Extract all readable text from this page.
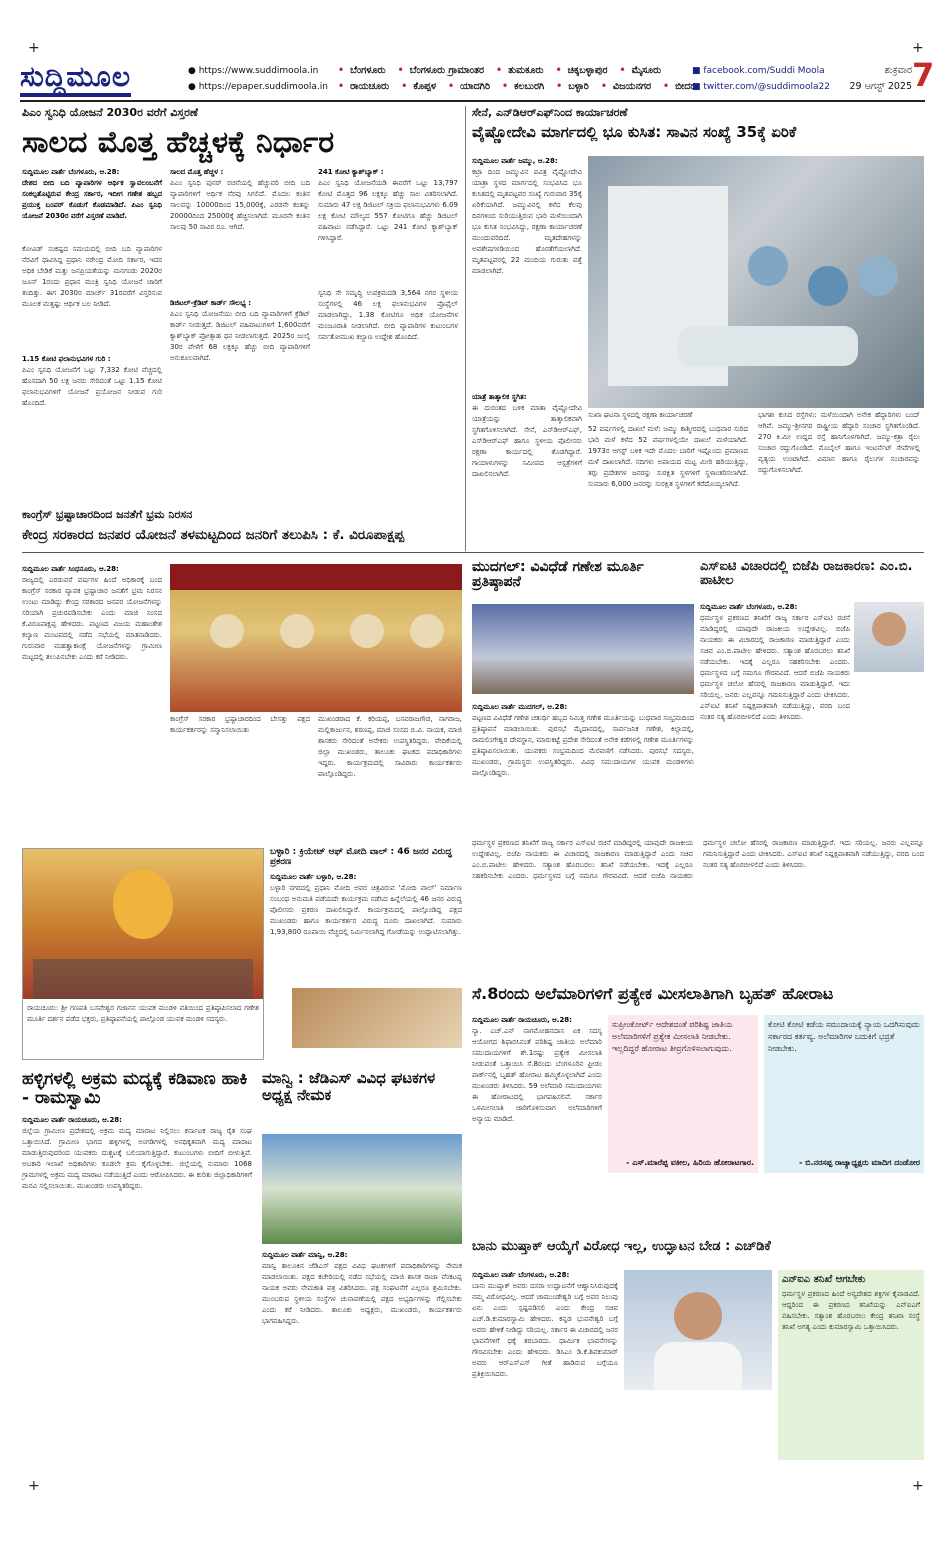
+	+
+	+
ಸುದ್ದಿಮೂಲ	● https://www.suddimoola.in
● https://epaper.suddimoola.in
• ಬೆಂಗಳೂರು • ಬೆಂಗಳೂರು ಗ್ರಾಮಾಂತರ • ತುಮಕೂರು • ಚಿಕ್ಕಬಳ್ಳಾಪುರ • ಮೈಸೂರು
• ರಾಯಚೂರು • ಕೊಪ್ಪಳ • ಯಾದಗಿರಿ • ಕಲಬುರಗಿ • ಬಳ್ಳಾರಿ • ವಿಜಯನಗರ • ಬೀದರ
■ facebook.com/Suddi Moola
■ twitter.com/@suddimoola22
ಶುಕ್ರವಾರ
29 ಆಗಸ್ಟ್ 2025 7
ಪಿಎಂ ಸ್ವನಿಧಿ ಯೋಜನೆ 2030ರ ವರೆಗೆ ವಿಸ್ತರಣೆ
ಸಾಲದ ಮೊತ್ತ ಹೆಚ್ಚಳಕ್ಕೆ ನಿರ್ಧಾರ
ಸುದ್ದಿಮೂಲ ವಾರ್ತೆ ಬೆಂಗಳೂರು, ಆ.28:
ದೇಶದ ಬೀದಿ ಬದಿ ವ್ಯಾಪಾರಿಗಳ ಆರ್ಥಿಕ ಸ್ವಾವಲಂಬನೆಗೆ ಸಂಕಲ್ಪತೊಟ್ಟಿರುವ ಕೇಂದ್ರ ಸರ್ಕಾರ, ಇದೀಗ ಗಣೇಶ ಹಬ್ಬದ ಪ್ರಯುಕ್ತ ಬಂಪರ್ ಕೊಡುಗೆ ಕೊಡಮಾಡಿದೆ. ಪಿಎಂ ಸ್ವನಿಧಿ ಯೋಜನೆ 2030ರ ವರೆಗೆ ವಿಸ್ತರಣೆ ಮಾಡಿದೆ.
ಕೋವಿಡ್ ಸಂಕಷ್ಟದ ಸಮಯದಲ್ಲಿ ಬೀದಿ ಬದಿ ವ್ಯಾಪಾರಿಗಳ ನೆರವಿಗೆ ಧಾವಿಸಿದ್ದ ಪ್ರಧಾನಿ ನರೇಂದ್ರ ಮೋದಿ ಸರ್ಕಾರ, ಇದರ ಅಧಿಕ ಬೇಡಿಕೆ ಮತ್ತು ಜನಪ್ರಿಯತೆಯನ್ನು ಮನಗಂಡು 2020ರ ಜೂನ್ 1ರಂದು ಪ್ರಧಾನ ಮಂತ್ರಿ ಸ್ವನಿಧಿ ಯೋಜನೆ ಜಾರಿಗೆ ತಂದಿತ್ತು. ಈಗ 2030ರ ಮಾರ್ಚ್ 31ರವರೆಗೆ ವಿಸ್ತರಿಸುವ ಮೂಲಕ ಮತ್ತಷ್ಟು ಆರ್ಥಿಕ ಬಲ ನೀಡಿದೆ.
1.15 ಕೋಟಿ ಫಲಾನುಭವಿಗಳ ಗುರಿ :
ಪಿಎಂ ಸ್ವನಿಧಿ ಯೋಜನೆಗೆ ಒಟ್ಟು 7,332 ಕೋಟಿ ವೆಚ್ಚದಲ್ಲಿ ಹೊಸದಾಗಿ 50 ಲಕ್ಷ ಜನರು ಸೇರಿದಂತೆ ಒಟ್ಟು 1.15 ಕೋಟಿ ಫಲಾನುಭವಿಗಳಿಗೆ ಯೋಜನೆ ಪ್ರಯೋಜನ ನೀಡುವ ಗುರಿ ಹೊಂದಿದೆ.
ಸಾಲದ ಮೊತ್ತ ಹೆಚ್ಚಳ :
ಪಿಎಂ ಸ್ವನಿಧಿ ಪುನರ್ ರಚನೆಯಲ್ಲಿ ಹೆಚ್ಚುವರಿ ಬೀದಿ ಬದಿ ವ್ಯಾಪಾರಿಗಳಿಗೆ ಆರ್ಥಿಕ ನೆರವು ಸಿಗಲಿದೆ. ಮೊದಲ ಕಂತಿನ ಸಾಲವನ್ನು 10000ದಿಂದ 15,000ಕ್ಕೆ, ಎರಡನೇ ಕಂತನ್ನು 20000ದಿಂದ 25000ಕ್ಕೆ ಹೆಚ್ಚಿಸಲಾಗಿದೆ. ಮೂರನೇ ಕಂತಿನ ಸಾಲವು 50 ಸಾವಿರ ರೂ. ಆಗಿದೆ.
ಡಿಜಿಟಲ್-ಕ್ರೆಡಿಟ್ ಕಾರ್ಡ್ ಸೌಲಭ್ಯ :
ಪಿಎಂ ಸ್ವನಿಧಿ ಯೋಜನೆಯು ಬೀದಿ ಬದಿ ವ್ಯಾಪಾರಿಗಳಿಗೆ ಕ್ರೆಡಿಟ್ ಕಾರ್ಡ್ ನೀಡುತ್ತದೆ. ಡಿಜಿಟಲ್ ವಹಿವಾಟುಗಳಿಗೆ 1,600ವರೆಗೆ ಕ್ಯಾಶ್‌ಬ್ಯಾಕ್ ಪ್ರೋತ್ಸಾಹ ಧನ ನೀಡಲಾಗುತ್ತದೆ. 2025ರ ಜುಲೈ 30ರ ವೇಳೆಗೆ 68 ಲಕ್ಷಕ್ಕೂ ಹೆಚ್ಚು ಬೀದಿ ವ್ಯಾಪಾರಿಗಳಿಗೆ ಅನುಕೂಲವಾಗಿದೆ.
241 ಕೋಟಿ ಕ್ಯಾಶ್‌ಬ್ಯಾಕ್ :
ಪಿಎಂ ಸ್ವನಿಧಿ ಯೋಜನೆಯಡಿ ಈವರೆಗೆ ಒಟ್ಟು 13,797 ಕೋಟಿ ಮೊತ್ತದ 96 ಲಕ್ಷಕ್ಕೂ ಹೆಚ್ಚು ಸಾಲ ವಿತರಿಸಲಾಗಿದೆ. ಸುಮಾರು 47 ಲಕ್ಷ ಡಿಜಿಟಲ್ ಸಕ್ರಿಯ ಫಲಾನುಭವಿಗಳು 6.09 ಲಕ್ಷ ಕೋಟಿ ಮೌಲ್ಯದ 557 ಕೋಟಿಗೂ ಹೆಚ್ಚು ಡಿಜಿಟಲ್ ವಹಿವಾಟು ನಡೆಸಿದ್ದಾರೆ. ಒಟ್ಟು 241 ಕೋಟಿ ಕ್ಯಾಶ್‌ಬ್ಯಾಕ್ ಗಳಿಸಿದ್ದಾರೆ.
ಸ್ವನಿಧಿ ಸೇ ಸಮೃದ್ಧಿ ಉಪಕ್ರಮದಡಿ 3,564 ನಗರ ಸ್ಥಳೀಯ ಸಂಸ್ಥೆಗಳಲ್ಲಿ 46 ಲಕ್ಷ ಫಲಾನುಭವಿಗಳ ಪ್ರೊಫೈಲ್ ಮಾಡಲಾಗಿದ್ದು, 1.38 ಕೋಟಿಗೂ ಅಧಿಕ ಯೋಜನೆಗಳ ಮಂಜೂರಾತಿ ನೀಡಲಾಗಿದೆ. ಬೀದಿ ವ್ಯಾಪಾರಿಗಳ ಕುಟುಂಬಗಳ ಸರ್ವತೋಮುಖ ಕಲ್ಯಾಣ ಉದ್ದೇಶ ಹೊಂದಿದೆ.
ಸೇನೆ, ಎನ್‌ಡಿಆರ್‌ಎಫ್‌ನಿಂದ ಕಾರ್ಯಾಚರಣೆ
ವೈಷ್ಣೋದೇವಿ ಮಾರ್ಗದಲ್ಲಿ ಭೂ ಕುಸಿತ: ಸಾವಿನ ಸಂಖ್ಯೆ 35ಕ್ಕೆ ಏರಿಕೆ
ಸುದ್ದಿಮೂಲ ವಾರ್ತೆ ಜಮ್ಮು, ಆ.28:
ಕಟ್ರಾ ದಿಂದ ಜಮ್ಮುವಿನ ಪವಿತ್ರ ವೈಷ್ಣೋದೇವಿ ಯಾತ್ರಾ ಸ್ಥಳದ ಮಾರ್ಗದಲ್ಲಿ ಸಂಭವಿಸಿದ ಭೂ ಕುಸಿತದಲ್ಲಿ ಮೃತಪಟ್ಟವರ ಸಂಖ್ಯೆ ಗುರುವಾರ 35ಕ್ಕೆ ಏರಿಕೆಯಾಗಿದೆ. ಜಮ್ಮುವಿನಲ್ಲಿ ಕಳೆದ ಕೆಲವು ದಿನಗಳಿಂದ ಸುರಿಯುತ್ತಿರುವ ಭಾರಿ ಮಳೆಯಿಂದಾಗಿ ಭೂ ಕುಸಿತ ಸಂಭವಿಸಿದ್ದು, ರಕ್ಷಣಾ ಕಾರ್ಯಾಚರಣೆ ಮುಂದುವರಿದಿದೆ. ಮೃತದೇಹಗಳನ್ನು ಅವಶೇಷಗಳಡಿಯಿಂದ ಹೊರತೆಗೆಯಲಾಗಿದೆ. ಮೃತಪಟ್ಟವರಲ್ಲಿ 22 ಮಂದಿಯ ಗುರುತು ಪತ್ತೆ ಮಾಡಲಾಗಿದೆ.
ಯಾತ್ರೆ ತಾತ್ಕಾಲಿಕ ಸ್ಥಗಿತ:
ಈ ದುರಂತದ ಬಳಿಕ ಮಾತಾ ವೈಷ್ಣೋದೇವಿ ಯಾತ್ರೆಯನ್ನು ತಾತ್ಕಾಲಿಕವಾಗಿ ಸ್ಥಗಿತಗೊಳಿಸಲಾಗಿದೆ. ಸೇನೆ, ಎನ್‌ಡಿಆರ್‌ಎಫ್, ಎಸ್‌ಡಿಆರ್‌ಎಫ್ ಹಾಗೂ ಸ್ಥಳೀಯ ಪೊಲೀಸರು ರಕ್ಷಣಾ ಕಾರ್ಯದಲ್ಲಿ ತೊಡಗಿದ್ದಾರೆ. ಗಾಯಾಳುಗಳನ್ನು ಸಮೀಪದ ಆಸ್ಪತ್ರೆಗಳಿಗೆ ದಾಖಲಿಸಲಾಗಿದೆ.
ಸುಖಾ ಘಟನಾ ಸ್ಥಳದಲ್ಲಿ ರಕ್ಷಣಾ ಕಾರ್ಯಾಚರಣೆ
52 ವರ್ಷಗಳಲ್ಲಿ ದಾಖಲೆ ಮಳೆ: ಜಮ್ಮು ಕಾಶ್ಮೀರದಲ್ಲಿ ಬುಧವಾರ ಸುರಿದ ಭಾರಿ ಮಳೆ ಕಳೆದ 52 ವರ್ಷಗಳಲ್ಲಿಯೇ ದಾಖಲೆ ಮಳೆಯಾಗಿದೆ. 1973ರ ಆಗಸ್ಟ್ ಬಳಿಕ ಇದೇ ಮೊದಲ ಬಾರಿಗೆ ಇಷ್ಟೊಂದು ಪ್ರಮಾಣದ ಮಳೆ ದಾಖಲಾಗಿದೆ. ನದಿಗಳು ಅಪಾಯದ ಮಟ್ಟ ಮೀರಿ ಹರಿಯುತ್ತಿದ್ದು, ತಗ್ಗು ಪ್ರದೇಶಗಳ ಜನರನ್ನು ಸುರಕ್ಷಿತ ಸ್ಥಳಗಳಿಗೆ ಸ್ಥಳಾಂತರಿಸಲಾಗಿದೆ. ಸುಮಾರು 6,000 ಜನರನ್ನು ಸುರಕ್ಷಿತ ಸ್ಥಳಗಳಿಗೆ ಕರೆದೊಯ್ಯಲಾಗಿದೆ.
ಭಾಗಶಃ ಕುಸಿದ ರಸ್ತೆಗಳು: ಮಳೆಯಿಂದಾಗಿ ಅನೇಕ ಹೆದ್ದಾರಿಗಳು ಬಂದ್ ಆಗಿವೆ. ಜಮ್ಮು-ಶ್ರೀನಗರ ರಾಷ್ಟ್ರೀಯ ಹೆದ್ದಾರಿ ಸಂಚಾರ ಸ್ಥಗಿತಗೊಂಡಿದೆ. 270 ಕಿ.ಮೀ ಉದ್ದದ ರಸ್ತೆ ಹಾನಿಗೊಳಗಾಗಿದೆ. ಜಮ್ಮು-ಕತ್ರಾ ರೈಲು ಸಂಚಾರ ರದ್ದುಗೊಂಡಿದೆ. ಮೊಬೈಲ್ ಹಾಗೂ ಇಂಟರ್ನೆಟ್ ಸೇವೆಗಳಲ್ಲಿ ವ್ಯತ್ಯಯ ಉಂಟಾಗಿದೆ. ವಿಮಾನ ಹಾಗೂ ರೈಲುಗಳ ಸಂಚಾರವನ್ನು ರದ್ದುಗೊಳಿಸಲಾಗಿದೆ.
ಕಾಂಗ್ರೆಸ್ ಭ್ರಷ್ಟಾಚಾರದಿಂದ ಜನತೆಗೆ ಭ್ರಮ ನಿರಸನ
ಕೇಂದ್ರ ಸರಕಾರದ ಜನಪರ ಯೋಜನೆ ತಳಮಟ್ಟದಿಂದ ಜನರಿಗೆ ತಲುಪಿಸಿ : ಕೆ. ವಿರೂಪಾಕ್ಷಪ್ಪ
ಸುದ್ದಿಮೂಲ ವಾರ್ತೆ ಸಿಂಧನೂರು, ಆ.28:
ರಾಜ್ಯದಲ್ಲಿ ಎರಡುವರೆ ವರ್ಷಗಳ ಹಿಂದೆ ಅಧಿಕಾರಕ್ಕೆ ಬಂದ ಕಾಂಗ್ರೆಸ್ ಸರಕಾರ ವ್ಯಾಪಕ ಭ್ರಷ್ಟಾಚಾರ ಜನತೆಗೆ ಭ್ರಮ ನಿರಸನ ಉಂಟು ಮಾಡಿದ್ದು ಕೇಂದ್ರ ಸರಕಾರದ ಜನಪರ ಯೋಜನೆಗಳನ್ನು ಸರಿಯಾಗಿ ಪ್ರಚುರಪಡಿಸಬೇಕು ಎಂದು ಮಾಜಿ ಸಂಸದ ಕೆ.ವಿರೂಪಾಕ್ಷಪ್ಪ ಹೇಳಿದರು. ಪಟ್ಟಣದ ವಿಜಯ ಮಹಾಂತೇಶ ಕಲ್ಯಾಣ ಮಂಟಪದಲ್ಲಿ ನಡೆದ ಸಭೆಯಲ್ಲಿ ಮಾತನಾಡಿದರು. ಗುರುವಾರ ಮಹತ್ವಾಕಾಂಕ್ಷೆ ಯೋಜನೆಗಳನ್ನು ಗ್ರಾಮೀಣ ಮಟ್ಟದಲ್ಲಿ ತಲುಪಿಸಬೇಕು ಎಂದು ಕರೆ ನೀಡಿದರು.
ಕಾಂಗ್ರೆಸ್ ಸರಕಾರ ಭ್ರಷ್ಟಾಚಾರದಿಂದ ಬೇಸತ್ತು ಪಕ್ಷದ ಕಾರ್ಯಕರ್ತರನ್ನು ಸನ್ಮಾನಿಸಲಾಯಿತು
ಮುಖಂಡರಾದ ಕೆ. ಕರಿಯಪ್ಪ, ಬಸವರಾಜಗೌಡ, ನಾಗರಾಜ, ಮಲ್ಲಿಕಾರ್ಜುನ, ಶರಣಪ್ಪ, ಮಾಜಿ ಸಂಸದ ಬಿ.ವಿ. ನಾಯಕ, ಮಾಜಿ ಶಾಸಕರು ಸೇರಿದಂತೆ ಅನೇಕರು ಉಪಸ್ಥಿತರಿದ್ದರು. ವೇದಿಕೆಯಲ್ಲಿ ಜಿಲ್ಲಾ ಮುಖಂಡರು, ತಾಲೂಕು ಘಟಕದ ಪದಾಧಿಕಾರಿಗಳು ಇದ್ದರು. ಕಾರ್ಯಕ್ರಮದಲ್ಲಿ ಸಾವಿರಾರು ಕಾರ್ಯಕರ್ತರು ಪಾಲ್ಗೊಂಡಿದ್ದರು.
ರಾಯಚೂರು: ಶ್ರೀ ಗಣಪತಿ ಬಸವೇಶ್ವರ ಗಜಾನನ ಯುವಕ ಮಂಡಳಿ ವತಿಯಿಂದ ಪ್ರತಿಷ್ಠಾಪಿಸಲಾದ ಗಣೇಶ ಮೂರ್ತಿ ದರ್ಶನ ಪಡೆದ ಭಕ್ತರು, ಪ್ರತಿಷ್ಠಾಪನೆಯಲ್ಲಿ ಪಾಲ್ಗೊಂಡ ಯುವಕ ಮಂಡಳಿ ಸದಸ್ಯರು.
ಬಳ್ಳಾರಿ : ಕ್ರಿಯೇಟ್ ಆಫ್ ಮೋದಿ ವಾಲ್ : 46 ಜನರ ವಿರುದ್ಧ ಪ್ರಕರಣ
ಸುದ್ದಿಮೂಲ ವಾರ್ತೆ ಬಳ್ಳಾರಿ, ಆ.28:
ಬಳ್ಳಾರಿ ನಗರದಲ್ಲಿ ಪ್ರಧಾನಿ ಮೋದಿ ಅವರ ಚಿತ್ರವಿರುವ 'ಮೋದಿ ವಾಲ್' ನಿರ್ಮಾಣ ಸಂಬಂಧ ಅನುಮತಿ ಪಡೆಯದೇ ಕಾರ್ಯಕ್ರಮ ನಡೆಸಿದ ಹಿನ್ನೆಲೆಯಲ್ಲಿ 46 ಜನರ ವಿರುದ್ಧ ಪೊಲೀಸರು ಪ್ರಕರಣ ದಾಖಲಿಸಿದ್ದಾರೆ. ಕಾರ್ಯಕ್ರಮದಲ್ಲಿ ಪಾಲ್ಗೊಂಡಿದ್ದ ಪಕ್ಷದ ಮುಖಂಡರು ಹಾಗೂ ಕಾರ್ಯಕರ್ತರ ವಿರುದ್ಧ ದೂರು ದಾಖಲಾಗಿದೆ. ಸುಮಾರು 1,93,800 ರೂಪಾಯಿ ವೆಚ್ಚದಲ್ಲಿ ನಿರ್ಮಿಸಲಾಗಿದ್ದ ಗೋಡೆಯನ್ನು ಉದ್ಘಾಟಿಸಲಾಗಿತ್ತು.
ಮುದಗಲ್: ವಿವಿಧೆಡೆ ಗಣೇಶ ಮೂರ್ತಿ ಪ್ರತಿಷ್ಠಾಪನೆ
ಸುದ್ದಿಮೂಲ ವಾರ್ತೆ ಮುದಗಲ್, ಆ.28:
ಪಟ್ಟಣದ ವಿವಿಧೆಡೆ ಗಣೇಶ ಚತುರ್ಥಿ ಹಬ್ಬದ ನಿಮಿತ್ತ ಗಣೇಶ ಮೂರ್ತಿಯನ್ನು ಬುಧವಾರ ಸಂಭ್ರಮದಿಂದ ಪ್ರತಿಷ್ಠಾಪನೆ ಮಾಡಲಾಯಿತು. ಪುರಸಭೆ ಮೈದಾನದಲ್ಲಿ, ಸಾರ್ವಜನಿಕ ಗಣೇಶ, ಕಿಲ್ಲಾದಲ್ಲಿ, ರಾಮಲಿಂಗೇಶ್ವರ ದೇವಸ್ಥಾನ, ಮಾರುಕಟ್ಟೆ ಪ್ರದೇಶ ಸೇರಿದಂತೆ ಅನೇಕ ಕಡೆಗಳಲ್ಲಿ ಗಣೇಶ ಮೂರ್ತಿಗಳನ್ನು ಪ್ರತಿಷ್ಠಾಪಿಸಲಾಯಿತು. ಯುವಕರು ಸಂಭ್ರಮದಿಂದ ಮೆರವಣಿಗೆ ನಡೆಸಿದರು. ಪುರಸಭೆ ಸದಸ್ಯರು, ಮುಖಂಡರು, ಗ್ರಾಮಸ್ಥರು ಉಪಸ್ಥಿತರಿದ್ದರು. ವಿವಿಧ ಸಮುದಾಯಗಳ ಯುವಕ ಮಂಡಳಿಗಳು ಪಾಲ್ಗೊಂಡಿದ್ದರು.
ಎಸ್‌ಐಟಿ ವಿಚಾರದಲ್ಲಿ ಬಿಜೆಪಿ ರಾಜಕಾರಣ: ಎಂ.ಬಿ. ಪಾಟೀಲ
ಸುದ್ದಿಮೂಲ ವಾರ್ತೆ ಬೆಂಗಳೂರು, ಆ.28:
ಧರ್ಮಸ್ಥಳ ಪ್ರಕರಣದ ತನಿಖೆಗೆ ರಾಜ್ಯ ಸರ್ಕಾರ ಎಸ್‌ಐಟಿ ರಚನೆ ಮಾಡಿದ್ದರಲ್ಲಿ ಯಾವುದೇ ರಾಜಕೀಯ ಉದ್ದೇಶವಿಲ್ಲ. ಬಿಜೆಪಿ ನಾಯಕರು ಈ ವಿಚಾರದಲ್ಲಿ ರಾಜಕಾರಣ ಮಾಡುತ್ತಿದ್ದಾರೆ ಎಂದು ಸಚಿವ ಎಂ.ಬಿ.ಪಾಟೀಲ ಹೇಳಿದರು. ಸತ್ಯಾಂಶ ಹೊರಬರಲು ತನಿಖೆ ನಡೆಯಬೇಕು. ಇದಕ್ಕೆ ಎಲ್ಲರೂ ಸಹಕರಿಸಬೇಕು ಎಂದರು. ಧರ್ಮಸ್ಥಳದ ಬಗ್ಗೆ ನಮಗೂ ಗೌರವವಿದೆ. ಆದರೆ ಬಿಜೆಪಿ ನಾಯಕರು ಧರ್ಮಸ್ಥಳ ಚಲೋ ಹೆಸರಲ್ಲಿ ರಾಜಕಾರಣ ಮಾಡುತ್ತಿದ್ದಾರೆ. ಇದು ಸರಿಯಲ್ಲ. ಜನರು ಎಲ್ಲವನ್ನೂ ಗಮನಿಸುತ್ತಿದ್ದಾರೆ ಎಂದು ಟೀಕಿಸಿದರು. ಎಸ್‌ಐಟಿ ತನಿಖೆ ನಿಷ್ಪಕ್ಷಪಾತವಾಗಿ ನಡೆಯುತ್ತಿದ್ದು, ವರದಿ ಬಂದ ನಂತರ ಸತ್ಯ ಹೊರಬೀಳಲಿದೆ ಎಂದು ತಿಳಿಸಿದರು.
ಧರ್ಮಸ್ಥಳ ಪ್ರಕರಣದ ತನಿಖೆಗೆ ರಾಜ್ಯ ಸರ್ಕಾರ ಎಸ್‌ಐಟಿ ರಚನೆ ಮಾಡಿದ್ದರಲ್ಲಿ ಯಾವುದೇ ರಾಜಕೀಯ ಉದ್ದೇಶವಿಲ್ಲ. ಬಿಜೆಪಿ ನಾಯಕರು ಈ ವಿಚಾರದಲ್ಲಿ ರಾಜಕಾರಣ ಮಾಡುತ್ತಿದ್ದಾರೆ ಎಂದು ಸಚಿವ ಎಂ.ಬಿ.ಪಾಟೀಲ ಹೇಳಿದರು. ಸತ್ಯಾಂಶ ಹೊರಬರಲು ತನಿಖೆ ನಡೆಯಬೇಕು. ಇದಕ್ಕೆ ಎಲ್ಲರೂ ಸಹಕರಿಸಬೇಕು ಎಂದರು. ಧರ್ಮಸ್ಥಳದ ಬಗ್ಗೆ ನಮಗೂ ಗೌರವವಿದೆ. ಆದರೆ ಬಿಜೆಪಿ ನಾಯಕರು ಧರ್ಮಸ್ಥಳ ಚಲೋ ಹೆಸರಲ್ಲಿ ರಾಜಕಾರಣ ಮಾಡುತ್ತಿದ್ದಾರೆ. ಇದು ಸರಿಯಲ್ಲ. ಜನರು ಎಲ್ಲವನ್ನೂ ಗಮನಿಸುತ್ತಿದ್ದಾರೆ ಎಂದು ಟೀಕಿಸಿದರು. ಎಸ್‌ಐಟಿ ತನಿಖೆ ನಿಷ್ಪಕ್ಷಪಾತವಾಗಿ ನಡೆಯುತ್ತಿದ್ದು, ವರದಿ ಬಂದ ನಂತರ ಸತ್ಯ ಹೊರಬೀಳಲಿದೆ ಎಂದು ತಿಳಿಸಿದರು.
ಸೆ.8ರಂದು ಅಲೆಮಾರಿಗಳಿಗೆ ಪ್ರತ್ಯೇಕ ಮೀಸಲಾತಿಗಾಗಿ ಬೃಹತ್ ಹೋರಾಟ
ಸುದ್ದಿಮೂಲ ವಾರ್ತೆ ರಾಯಚೂರು, ಆ.28:
ನ್ಯಾ. ಎಚ್.ಎನ್ ನಾಗಮೋಹನದಾಸ ಏಕ ಸದಸ್ಯ ಆಯೋಗದ ಶಿಫಾರಸಿನಂತೆ ಪರಿಶಿಷ್ಟ ಜಾತಿಯ ಅಲೆಮಾರಿ ಸಮುದಾಯಗಳಿಗೆ ಶೇ.1ರಷ್ಟು ಪ್ರತ್ಯೇಕ ಮೀಸಲಾತಿ ನೀಡುವಂತೆ ಒತ್ತಾಯಿಸಿ ಸೆ.8ರಂದು ಬೆಂಗಳೂರಿನ ಫ್ರೀಡಂ ಪಾರ್ಕ್‌ನಲ್ಲಿ ಬೃಹತ್ ಹೋರಾಟ ಹಮ್ಮಿಕೊಳ್ಳಲಾಗಿದೆ ಎಂದು ಮುಖಂಡರು ತಿಳಿಸಿದರು. 59 ಅಲೆಮಾರಿ ಸಮುದಾಯಗಳು ಈ ಹೋರಾಟದಲ್ಲಿ ಭಾಗವಹಿಸಲಿವೆ. ಸರ್ಕಾರ ಒಳಮೀಸಲಾತಿ ಜಾರಿಗೊಳಿಸುವಾಗ ಅಲೆಮಾರಿಗಳಿಗೆ ಅನ್ಯಾಯ ಮಾಡಿದೆ.
ಸುಪ್ರೀಂಕೋರ್ಟ್ ಆದೇಶದಂತೆ ಪರಿಶಿಷ್ಟ ಜಾತಿಯ ಅಲೆಮಾರಿಗಳಿಗೆ ಪ್ರತ್ಯೇಕ ಮೀಸಲಾತಿ ನೀಡಬೇಕು. ಇಲ್ಲದಿದ್ದರೆ ಹೋರಾಟ ತೀವ್ರಗೊಳಿಸಲಾಗುವುದು.
- ಎಸ್.ಮಾರೆಪ್ಪ ವಕೀಲ, ಹಿರಿಯ ಹೋರಾಟಗಾರ.
ಕೋಟಿ ಕೋಟಿ ಕಡೆಯ ಸಮುದಾಯಕ್ಕೆ ನ್ಯಾಯ ಒದಗಿಸುವುದು ಸರ್ಕಾರದ ಕರ್ತವ್ಯ. ಅಲೆಮಾರಿಗಳ ಬದುಕಿಗೆ ಭದ್ರತೆ ನೀಡಬೇಕು.
- ಬಿ.ನರಸಪ್ಪ ರಾಜ್ಯಾಧ್ಯಕ್ಷರು ಮಾದಿಗ ದಂಡೋರ
ಹಳ್ಳಿಗಳಲ್ಲಿ ಅಕ್ರಮ ಮದ್ಯಕ್ಕೆ ಕಡಿವಾಣ ಹಾಕಿ - ರಾಮಸ್ವಾಮಿ
ಸುದ್ದಿಮೂಲ ವಾರ್ತೆ ರಾಯಚೂರು, ಆ.28:
ಜಿಲ್ಲೆಯ ಗ್ರಾಮೀಣ ಪ್ರದೇಶದಲ್ಲಿ ಅಕ್ರಮ ಮದ್ಯ ಮಾರಾಟ ನಿಲ್ಲಿಸಲು ಕರ್ನಾಟಕ ರಾಜ್ಯ ರೈತ ಸಂಘ ಒತ್ತಾಯಿಸಿದೆ. ಗ್ರಾಮೀಣ ಭಾಗದ ಹಳ್ಳಿಗಳಲ್ಲಿ ಅಂಗಡಿಗಳಲ್ಲಿ ಅನಧಿಕೃತವಾಗಿ ಮದ್ಯ ಮಾರಾಟ ಮಾಡುತ್ತಿರುವುದರಿಂದ ಯುವಕರು ದುಶ್ಚಟಕ್ಕೆ ಬಲಿಯಾಗುತ್ತಿದ್ದಾರೆ. ಕುಟುಂಬಗಳು ಬೀದಿಗೆ ಬೀಳುತ್ತಿವೆ. ಅಬಕಾರಿ ಇಲಾಖೆ ಅಧಿಕಾರಿಗಳು ಕೂಡಲೇ ಕ್ರಮ ಕೈಗೊಳ್ಳಬೇಕು. ಜಿಲ್ಲೆಯಲ್ಲಿ ಸುಮಾರು 1068 ಗ್ರಾಮಗಳಲ್ಲಿ ಅಕ್ರಮ ಮದ್ಯ ಮಾರಾಟ ನಡೆಯುತ್ತಿದೆ ಎಂದು ಆರೋಪಿಸಿದರು. ಈ ಕುರಿತು ಜಿಲ್ಲಾಧಿಕಾರಿಗಳಿಗೆ ಮನವಿ ಸಲ್ಲಿಸಲಾಯಿತು. ಮುಖಂಡರು ಉಪಸ್ಥಿತರಿದ್ದರು.
ಮಾನ್ವಿ : ಜೆಡಿಎಸ್ ವಿವಿಧ ಘಟಕಗಳ ಅಧ್ಯಕ್ಷ ನೇಮಕ
ಸುದ್ದಿಮೂಲ ವಾರ್ತೆ ಮಾನ್ವಿ, ಆ.28:
ಮಾನ್ವಿ ತಾಲೂಕಿನ ಜೆಡಿಎಸ್ ಪಕ್ಷದ ವಿವಿಧ ಘಟಕಗಳಿಗೆ ಪದಾಧಿಕಾರಿಗಳನ್ನು ನೇಮಕ ಮಾಡಲಾಯಿತು. ಪಕ್ಷದ ಕಚೇರಿಯಲ್ಲಿ ನಡೆದ ಸಭೆಯಲ್ಲಿ ಮಾಜಿ ಶಾಸಕ ರಾಜಾ ವೆಂಕಟಪ್ಪ ನಾಯಕ ಅವರು ನೇಮಕಾತಿ ಪತ್ರ ವಿತರಿಸಿದರು. ಪಕ್ಷ ಸಂಘಟನೆಗೆ ಎಲ್ಲರೂ ಶ್ರಮಿಸಬೇಕು. ಮುಂಬರುವ ಸ್ಥಳೀಯ ಸಂಸ್ಥೆಗಳ ಚುನಾವಣೆಯಲ್ಲಿ ಪಕ್ಷದ ಅಭ್ಯರ್ಥಿಗಳನ್ನು ಗೆಲ್ಲಿಸಬೇಕು ಎಂದು ಕರೆ ನೀಡಿದರು. ತಾಲೂಕು ಅಧ್ಯಕ್ಷರು, ಮುಖಂಡರು, ಕಾರ್ಯಕರ್ತರು ಭಾಗವಹಿಸಿದ್ದರು.
ಬಾನು ಮುಷ್ತಾಕ್ ಆಯ್ಕೆಗೆ ವಿರೋಧ ಇಲ್ಲ, ಉದ್ಘಾಟನ ಬೇಡ : ಎಚ್‌ಡಿಕೆ
ಸುದ್ದಿಮೂಲ ವಾರ್ತೆ ಬೆಂಗಳೂರು, ಆ.28:
ಬಾನು ಮುಷ್ತಾಕ್ ಅವರು ದಸರಾ ಉದ್ಘಾಟನೆಗೆ ಆಹ್ವಾನಿಸಿರುವುದಕ್ಕೆ ನಮ್ಮ ವಿರೋಧವಿಲ್ಲ. ಆದರೆ ಚಾಮುಂಡೇಶ್ವರಿ ಬಗ್ಗೆ ಅವರ ನಿಲುವು ಏನು ಎಂದು ಸ್ಪಷ್ಟಪಡಿಸಲಿ ಎಂದು ಕೇಂದ್ರ ಸಚಿವ ಎಚ್.ಡಿ.ಕುಮಾರಸ್ವಾಮಿ ಹೇಳಿದರು. ಕನ್ನಡ ಭುವನೇಶ್ವರಿ ಬಗ್ಗೆ ಅವರು ಹೇಳಿಕೆ ನೀಡಿದ್ದು ಸರಿಯಲ್ಲ. ಸರ್ಕಾರ ಈ ವಿಚಾರದಲ್ಲಿ ಜನರ ಭಾವನೆಗಳಿಗೆ ಧಕ್ಕೆ ತರಬಾರದು. ಧಾರ್ಮಿಕ ಭಾವನೆಗಳನ್ನು ಗೌರವಿಸಬೇಕು ಎಂದು ಹೇಳಿದರು. ಡಿಸಿಎಂ ಡಿ.ಕೆ.ಶಿವಕುಮಾರ್ ಅವರು ಆರ್‌ಎಸ್‌ಎಸ್ ಗೀತೆ ಹಾಡಿರುವ ಬಗ್ಗೆಯೂ ಪ್ರತಿಕ್ರಿಯಿಸಿದರು.
ಎನ್‌ಐಎ ತನಿಖೆ ಆಗಬೇಕು
ಧರ್ಮಸ್ಥಳ ಪ್ರಕರಣದ ಹಿಂದೆ ಅನ್ಯದೇಶದ ಶಕ್ತಿಗಳ ಕೈವಾಡವಿದೆ. ಆದ್ದರಿಂದ ಈ ಪ್ರಕರಣದ ತನಿಖೆಯನ್ನು ಎನ್‌ಐಎಗೆ ವಹಿಸಬೇಕು. ಸತ್ಯಾಂಶ ಹೊರಬರಲು ಕೇಂದ್ರ ತನಿಖಾ ಸಂಸ್ಥೆ ತನಿಖೆ ಅಗತ್ಯ ಎಂದು ಕುಮಾರಸ್ವಾಮಿ ಒತ್ತಾಯಿಸಿದರು.
